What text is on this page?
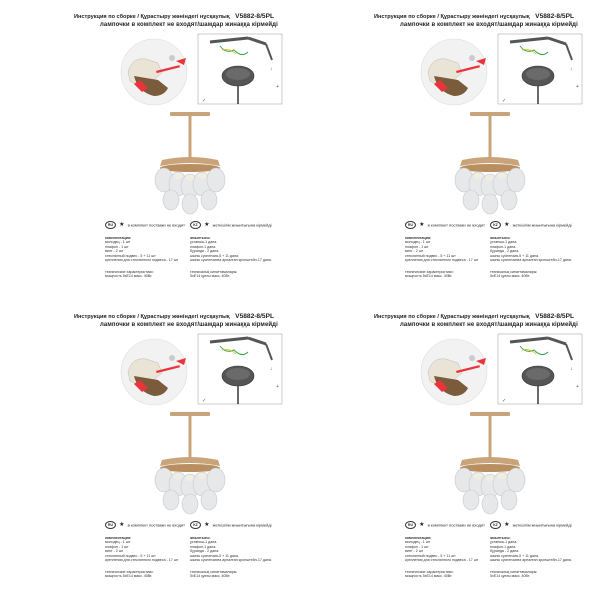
Инструкция по сборке / Құрастыру жөніндегі нұсқаулық V5882-8/5PL
лампочки в комплект не входят/шамдар жинаққа кірмейді
✓
↓
+
RU ★ в комплект поставки не входит	KZ ★ жеткізілім жиынтығына кірмейді
комплектация:
молодец - 1 шт
плафон - 1 шт
винт - 2 шт
стеклянный подвес - 5 + 11 шт
крепления для стеклянного подвеса - 17 шт
жиынтығы:
ұстағыш-1 дана.
плафон-1 дана.
бұранда - 2 дана.
шыны суспензия-5 + 11 дана.
шыны суспензияға арналған кронштейн-17 дана.
технические характеристики:
мощность 5хE14 макс. 40Вт.
техникалық сипаттамалары:
5хE14 қуаты макс. 40Вт.
Инструкция по сборке / Құрастыру жөніндегі нұсқаулық V5882-8/5PL
лампочки в комплект не входят/шамдар жинаққа кірмейді
✓
↓
+
RU ★ в комплект поставки не входит	KZ ★ жеткізілім жиынтығына кірмейді
комплектация:
молодец - 1 шт
плафон - 1 шт
винт - 2 шт
стеклянный подвес - 5 + 11 шт
крепления для стеклянного подвеса - 17 шт
жиынтығы:
ұстағыш-1 дана.
плафон-1 дана.
бұранда - 2 дана.
шыны суспензия-5 + 11 дана.
шыны суспензияға арналған кронштейн-17 дана.
технические характеристики:
мощность 5хE14 макс. 40Вт.
техникалық сипаттамалары:
5хE14 қуаты макс. 40Вт.
Инструкция по сборке / Құрастыру жөніндегі нұсқаулық V5882-8/5PL
лампочки в комплект не входят/шамдар жинаққа кірмейді
✓
↓
+
RU ★ в комплект поставки не входит	KZ ★ жеткізілім жиынтығына кірмейді
комплектация:
молодец - 1 шт
плафон - 1 шт
винт - 2 шт
стеклянный подвес - 5 + 11 шт
крепления для стеклянного подвеса - 17 шт
жиынтығы:
ұстағыш-1 дана.
плафон-1 дана.
бұранда - 2 дана.
шыны суспензия-5 + 11 дана.
шыны суспензияға арналған кронштейн-17 дана.
технические характеристики:
мощность 5хE14 макс. 40Вт.
техникалық сипаттамалары:
5хE14 қуаты макс. 40Вт.
Инструкция по сборке / Құрастыру жөніндегі нұсқаулық V5882-8/5PL
лампочки в комплект не входят/шамдар жинаққа кірмейді
✓
↓
+
RU ★ в комплект поставки не входит	KZ ★ жеткізілім жиынтығына кірмейді
комплектация:
молодец - 1 шт
плафон - 1 шт
винт - 2 шт
стеклянный подвес - 5 + 11 шт
крепления для стеклянного подвеса - 17 шт
жиынтығы:
ұстағыш-1 дана.
плафон-1 дана.
бұранда - 2 дана.
шыны суспензия-5 + 11 дана.
шыны суспензияға арналған кронштейн-17 дана.
технические характеристики:
мощность 5хE14 макс. 40Вт.
техникалық сипаттамалары:
5хE14 қуаты макс. 40Вт.
